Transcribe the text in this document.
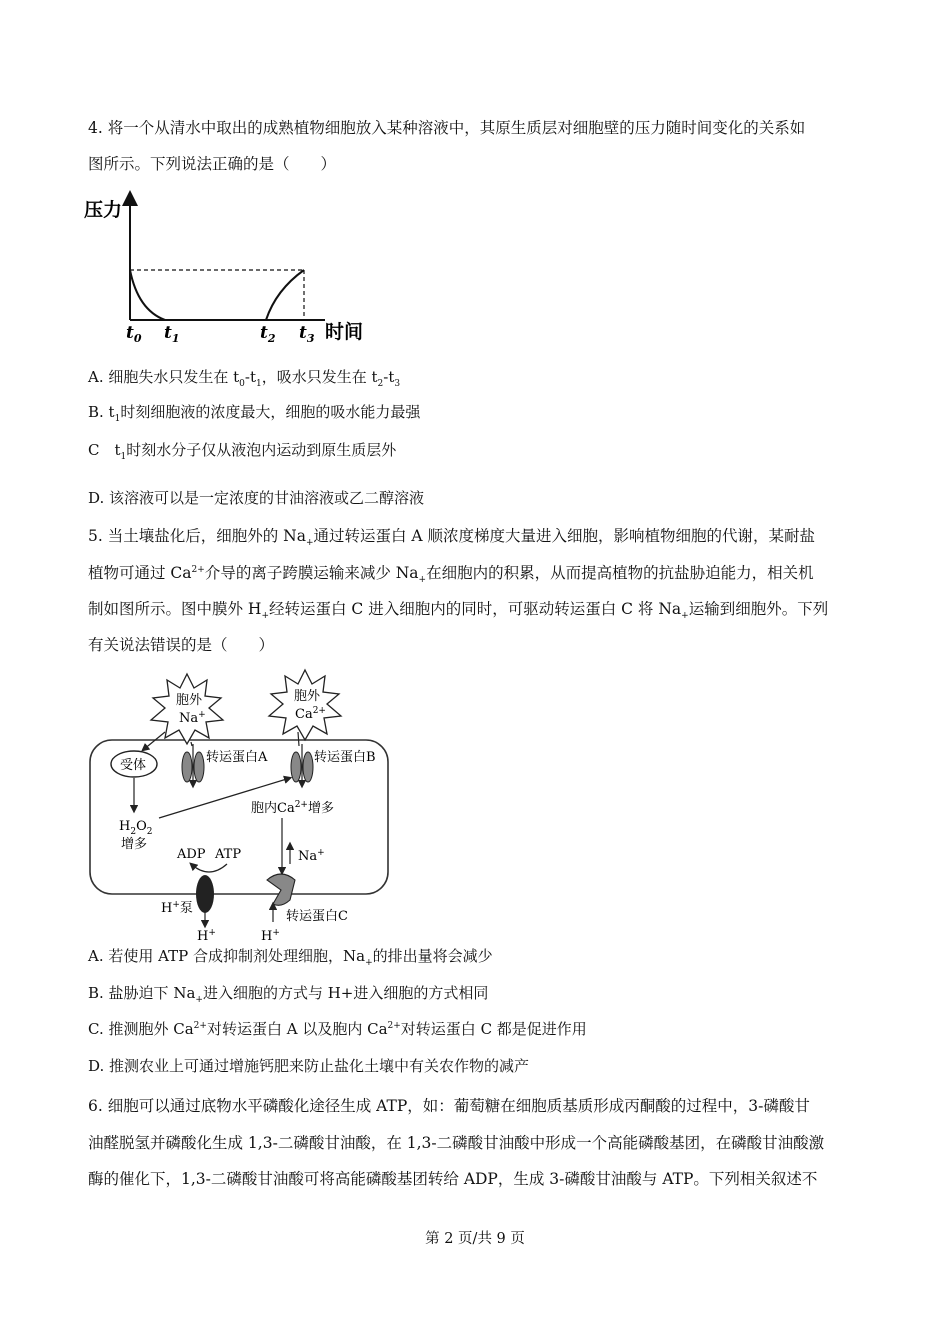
4. 将一个从清水中取出的成熟植物细胞放入某种溶液中，其原生质层对细胞壁的压力随时间变化的关系如
图所示。下列说法正确的是（　　）
压力
时间
$t_0$ $t_1$	$t_2$ $t_3$
A. 细胞失水只发生在 $t_0-t_1$，吸水只发生在 $t_2-t_3$
B. $t_1$时刻细胞液的浓度最大，细胞的吸水能力最强
C　$t_1$时刻水分子仅从液泡内运动到原生质层外
D. 该溶液可以是一定浓度的甘油溶液或乙二醇溶液
5. 当土壤盐化后，细胞外的 $Na_+$通过转运蛋白 A 顺浓度梯度大量进入细胞，影响植物细胞的代谢，某耐盐
植物可通过 $Ca^{2+}$介导的离子跨膜运输来减少 $Na_+$在细胞内的积累，从而提高植物的抗盐胁迫能力，相关机
制如图所示。图中膜外 $H_+$经转运蛋白 C 进入细胞内的同时，可驱动转运蛋白 C 将 $Na_+$运输到细胞外。下列
有关说法错误的是（　　）
胞外
Na+
胞外
$Ca^{2+}$
受体
转运蛋白A	转运蛋白B
$H_2O_2$
增多
胞内$Ca^{2+}$增多
ADP ATP
H+泵
H+
Na+
H+
转运蛋白C
A. 若使用 ATP 合成抑制剂处理细胞，$Na_+$的排出量将会减少
B. 盐胁迫下 $Na_+$进入细胞的方式与 H+进入细胞的方式相同
C. 推测胞外 $Ca^{2+}$对转运蛋白 A 以及胞内 $Ca^{2+}$对转运蛋白 C 都是促进作用
D. 推测农业上可通过增施钙肥来防止盐化土壤中有关农作物的减产
6. 细胞可以通过底物水平磷酸化途径生成 ATP，如：葡萄糖在细胞质基质形成丙酮酸的过程中，3-磷酸甘
油醛脱氢并磷酸化生成 1,3-二磷酸甘油酸，在 1,3-二磷酸甘油酸中形成一个高能磷酸基团，在磷酸甘油酸激
酶的催化下，1,3-二磷酸甘油酸可将高能磷酸基团转给 ADP，生成 3-磷酸甘油酸与 ATP。下列相关叙述不
第 2 页/共 9 页
